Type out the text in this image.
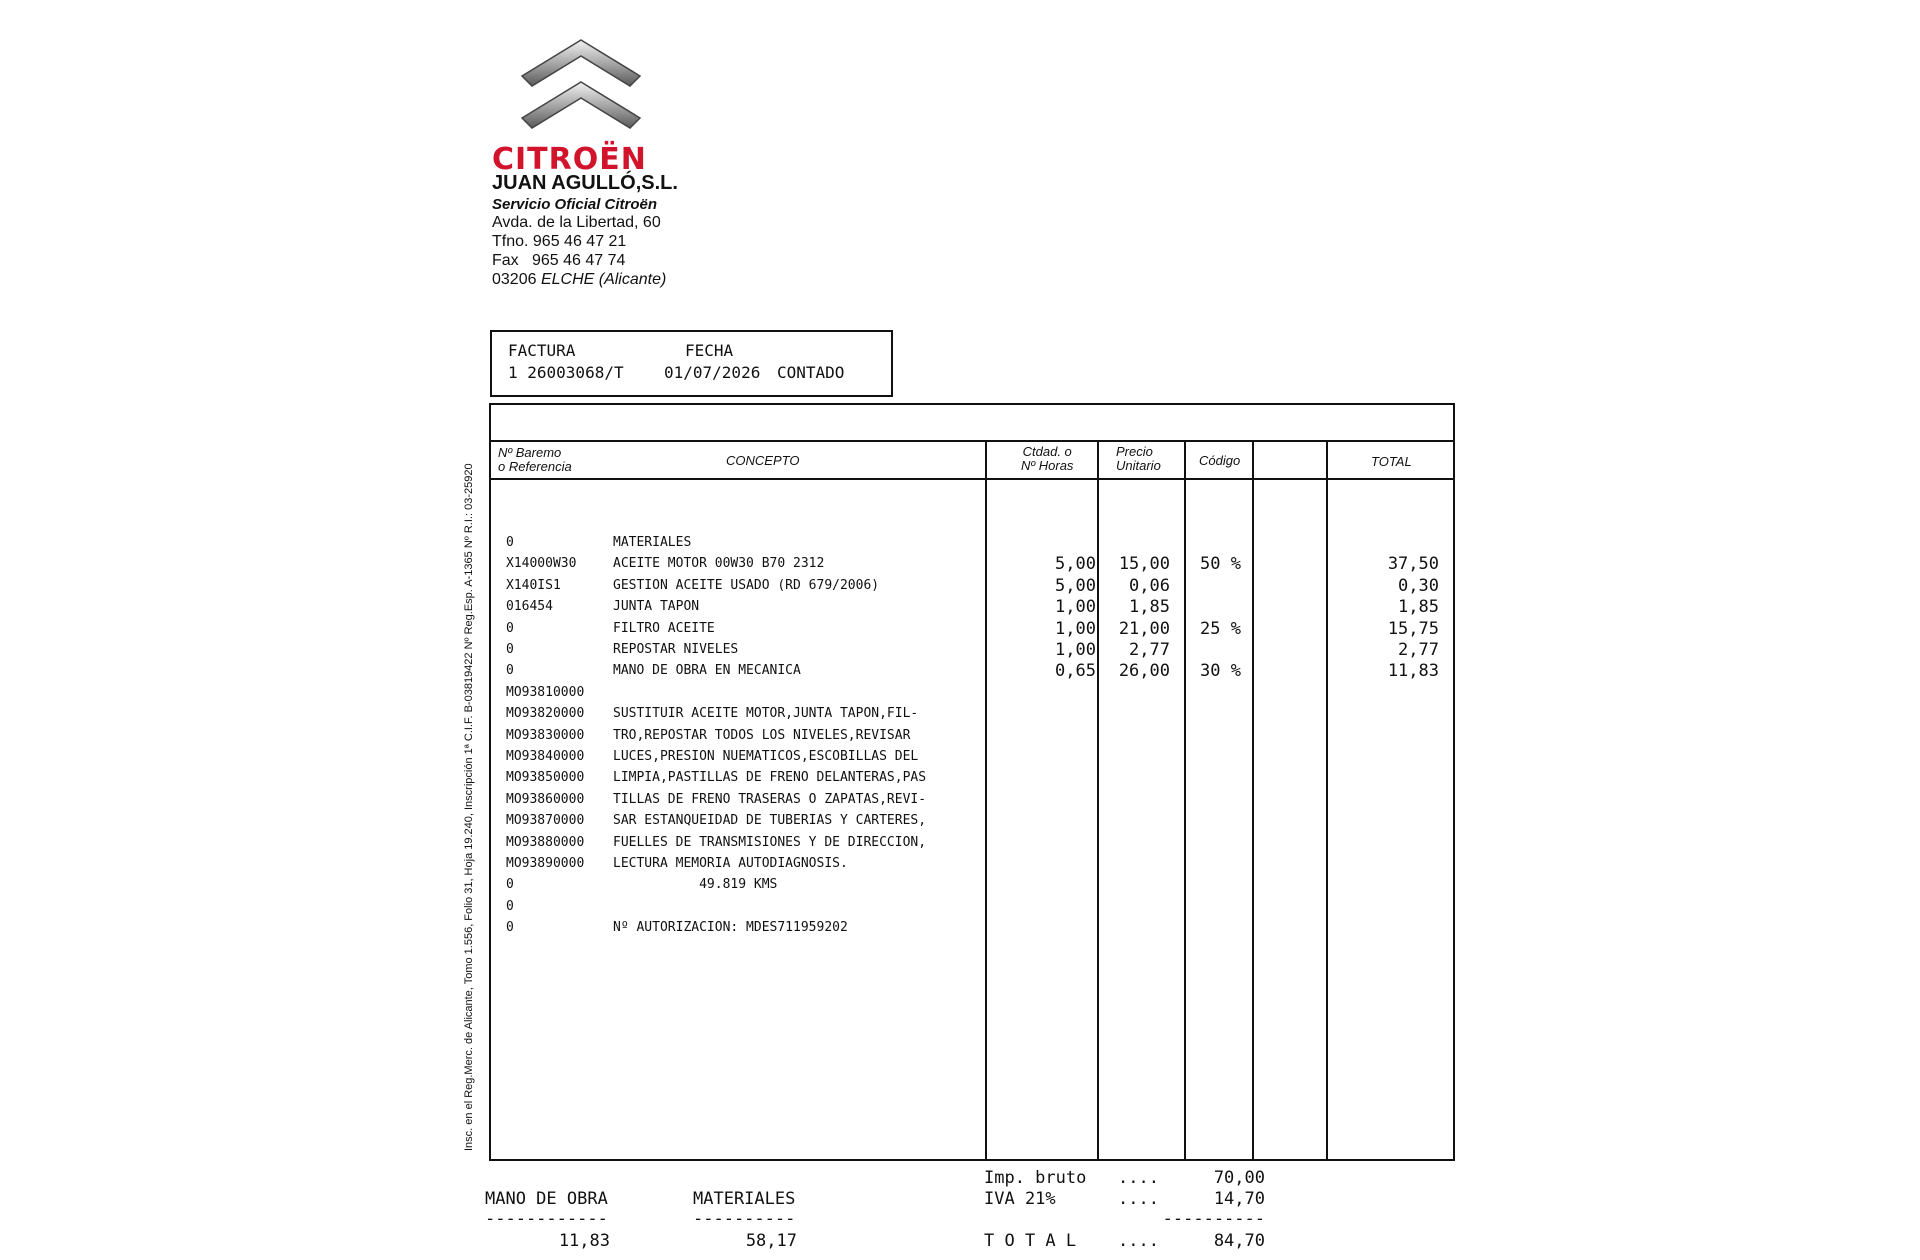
CITROËN
JUAN AGULLÓ,S.L.
Servicio Oficial Citroën
Avda. de la Libertad, 60
Tfno. 965 46 47 21
Fax   965 46 47 74
03206 ELCHE (Alicante)
FACTURA	FECHA
1 26003068/T	01/07/2026 CONTADO
Insc. en el Reg.Merc. de Alicante, Tomo 1.556, Folio 31, Hoja 19.240, Inscripción 1ª C.I.F. B-03819422 Nº Reg.Esp. A-1365 Nº R.I.: 03-25920
Nº Baremo
o Referencia	CONCEPTO
Ctdad. o
Nº Horas
Precio
Unitario	Código	TOTAL
0	MATERIALES
X14000W30	ACEITE MOTOR 00W30 B70 2312	5,00 15,00 50 %	37,50
X140IS1	GESTION ACEITE USADO (RD 679/2006)	5,00 0,06	0,30
016454	JUNTA TAPON	1,00 1,85	1,85
0	FILTRO ACEITE	1,00 21,00 25 %	15,75
0	REPOSTAR NIVELES	1,00 2,77	2,77
0	MANO DE OBRA EN MECANICA	0,65 26,00 30 %	11,83
MO93810000
MO93820000 SUSTITUIR ACEITE MOTOR,JUNTA TAPON,FIL-
MO93830000 TRO,REPOSTAR TODOS LOS NIVELES,REVISAR
MO93840000 LUCES,PRESION NUEMATICOS,ESCOBILLAS DEL
MO93850000 LIMPIA,PASTILLAS DE FRENO DELANTERAS,PAS
MO93860000 TILLAS DE FRENO TRASERAS O ZAPATAS,REVI-
MO93870000 SAR ESTANQUEIDAD DE TUBERIAS Y CARTERES,
MO93880000 FUELLES DE TRANSMISIONES Y DE DIRECCION,
MO93890000 LECTURA MEMORIA AUTODIAGNOSIS.
0	49.819 KMS
0
0	Nº AUTORIZACION: MDES711959202
MANO DE OBRA	MATERIALES
------------	----------
11,83	58,17
Imp. bruto ....	70,00
IVA 21%	....	14,70
----------
T O T A L ....	84,70
